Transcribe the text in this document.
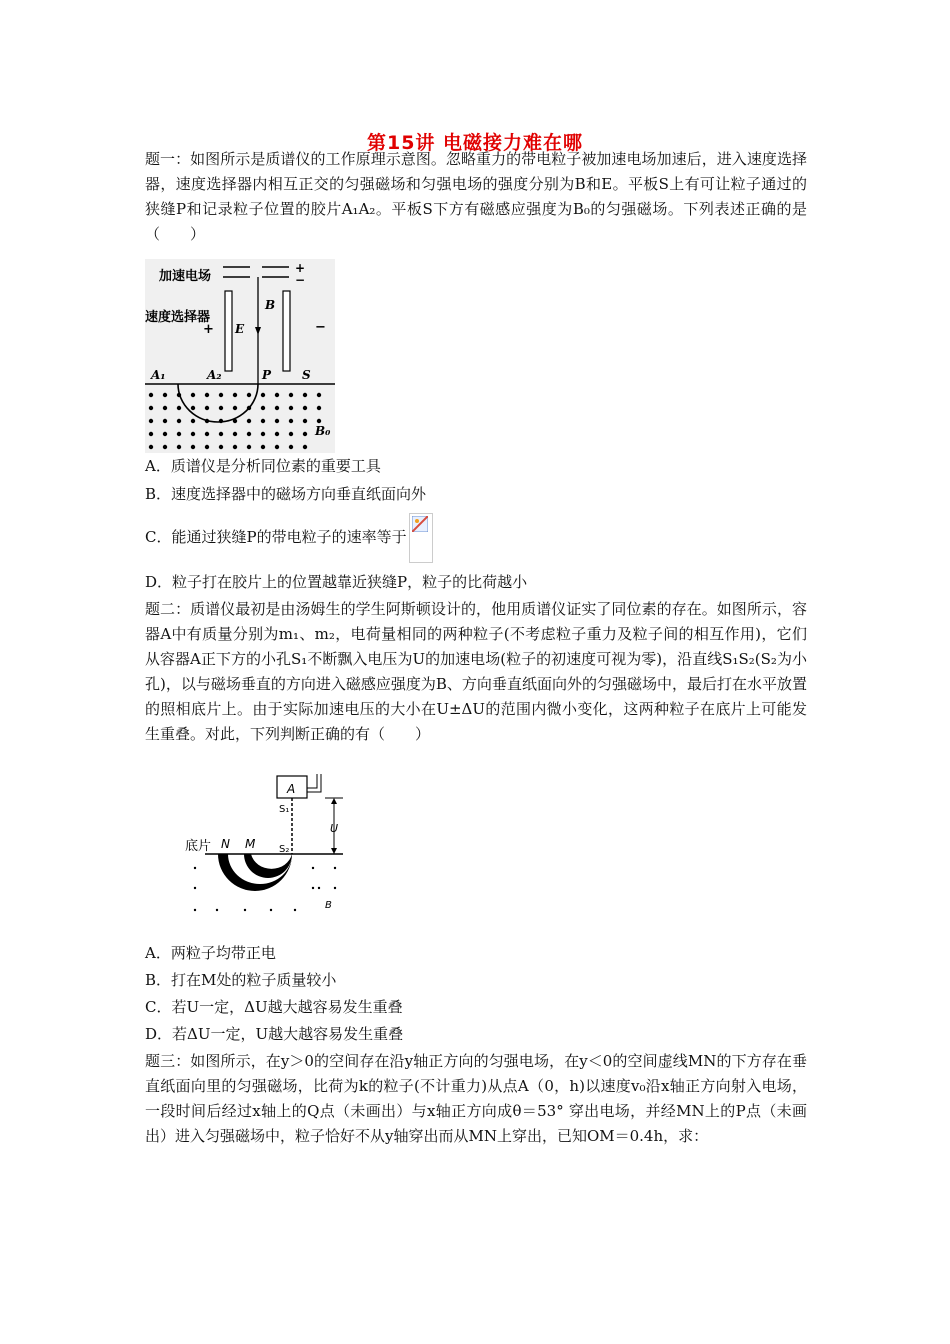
第15讲 电磁接力难在哪
题一：如图所示是质谱仪的工作原理示意图。忽略重力的带电粒子被加速电场加速后，进入速度选择器，速度选择器内相互正交的匀强磁场和匀强电场的强度分别为B和E。平板S上有可让粒子通过的狭缝P和记录粒子位置的胶片A₁A₂。平板S下方有磁感应强度为B₀的匀强磁场。下列表述正确的是（　　）
加速电场
+
−
速度选择器
+	−
E
B
A₁	A₂	P	S
B₀
A．质谱仪是分析同位素的重要工具
B．速度选择器中的磁场方向垂直纸面向外
C．能通过狭缝P的带电粒子的速率等于
D．粒子打在胶片上的位置越靠近狭缝P，粒子的比荷越小
题二：质谱仪最初是由汤姆生的学生阿斯顿设计的，他用质谱仪证实了同位素的存在。如图所示，容器A中有质量分别为m₁、m₂，电荷量相同的两种粒子(不考虑粒子重力及粒子间的相互作用)，它们从容器A正下方的小孔S₁不断飘入电压为U的加速电场(粒子的初速度可视为零)，沿直线S₁S₂(S₂为小孔)，以与磁场垂直的方向进入磁感应强度为B、方向垂直纸面向外的匀强磁场中，最后打在水平放置的照相底片上。由于实际加速电压的大小在U±ΔU的范围内微小变化，这两种粒子在底片上可能发生重叠。对此，下列判断正确的有（　　）
A
S₁
U
底片 N M S₂
B
A．两粒子均带正电
B．打在M处的粒子质量较小
C．若U一定，ΔU越大越容易发生重叠
D．若ΔU一定，U越大越容易发生重叠
题三：如图所示，在y＞0的空间存在沿y轴正方向的匀强电场，在y＜0的空间虚线MN的下方存在垂直纸面向里的匀强磁场，比荷为k的粒子(不计重力)从点A（0，h)以速度v₀沿x轴正方向射入电场，一段时间后经过x轴上的Q点（未画出）与x轴正方向成θ＝53° 穿出电场，并经MN上的P点（未画出）进入匀强磁场中，粒子恰好不从y轴穿出而从MN上穿出，已知OM＝0.4h，求：
